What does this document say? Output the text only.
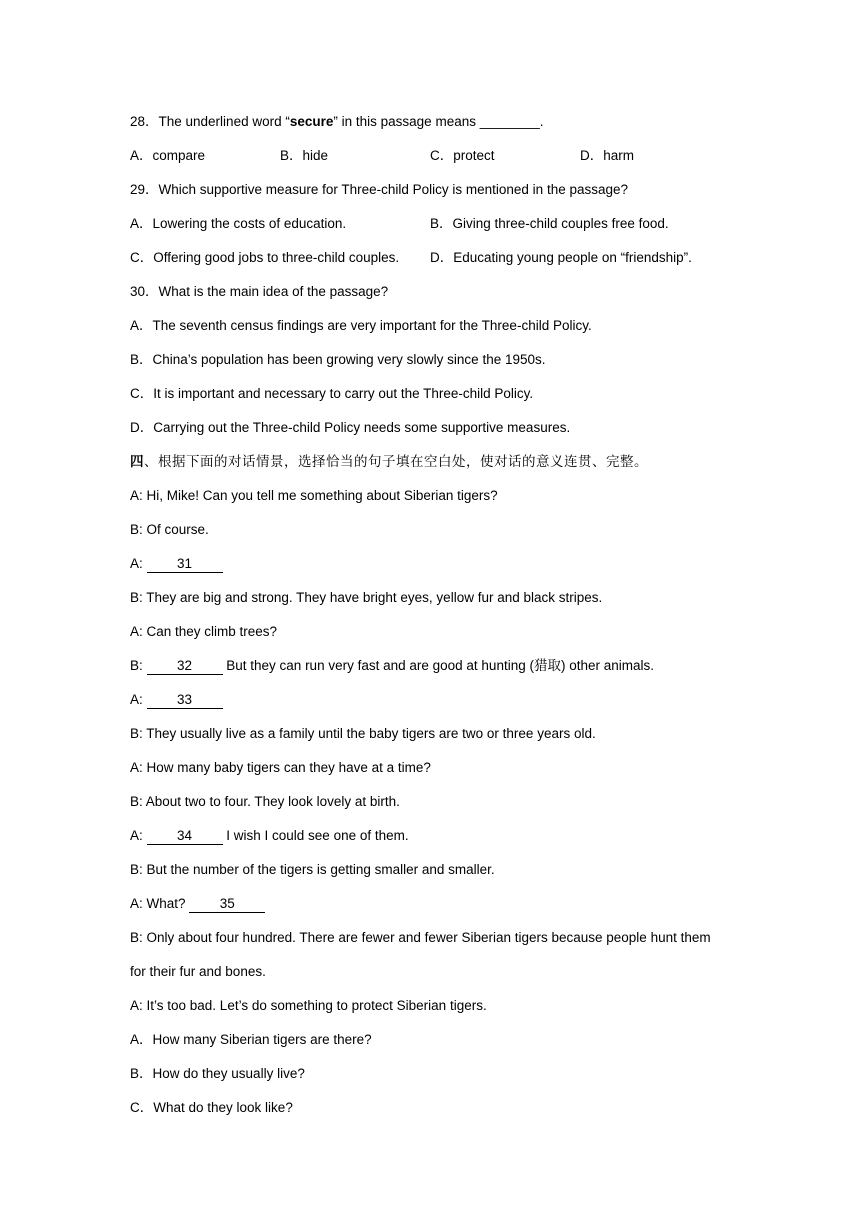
28．The underlined word “secure” in this passage means ________.
A．compare	B．hide	C．protect	D．harm
29．Which supportive measure for Three-child Policy is mentioned in the passage?
A．Lowering the costs of education.	B．Giving three-child couples free food.
C．Offering good jobs to three-child couples. D．Educating young people on “friendship”.
30．What is the main idea of the passage?
A．The seventh census findings are very important for the Three-child Policy.
B．China’s population has been growing very slowly since the 1950s.
C．It is important and necessary to carry out the Three-child Policy.
D．Carrying out the Three-child Policy needs some supportive measures.
四、根据下面的对话情景，选择恰当的句子填在空白处，使对话的意义连贯、完整。
A: Hi, Mike! Can you tell me something about Siberian tigers?
B: Of course.
A: 31
B: They are big and strong. They have bright eyes, yellow fur and black stripes.
A: Can they climb trees?
B: 32 But they can run very fast and are good at hunting (猎取) other animals.
A: 33
B: They usually live as a family until the baby tigers are two or three years old.
A: How many baby tigers can they have at a time?
B: About two to four. They look lovely at birth.
A: 34 I wish I could see one of them.
B: But the number of the tigers is getting smaller and smaller.
A: What? 35
B: Only about four hundred. There are fewer and fewer Siberian tigers because people hunt them
for their fur and bones.
A: It’s too bad. Let’s do something to protect Siberian tigers.
A．How many Siberian tigers are there?
B．How do they usually live?
C．What do they look like?
